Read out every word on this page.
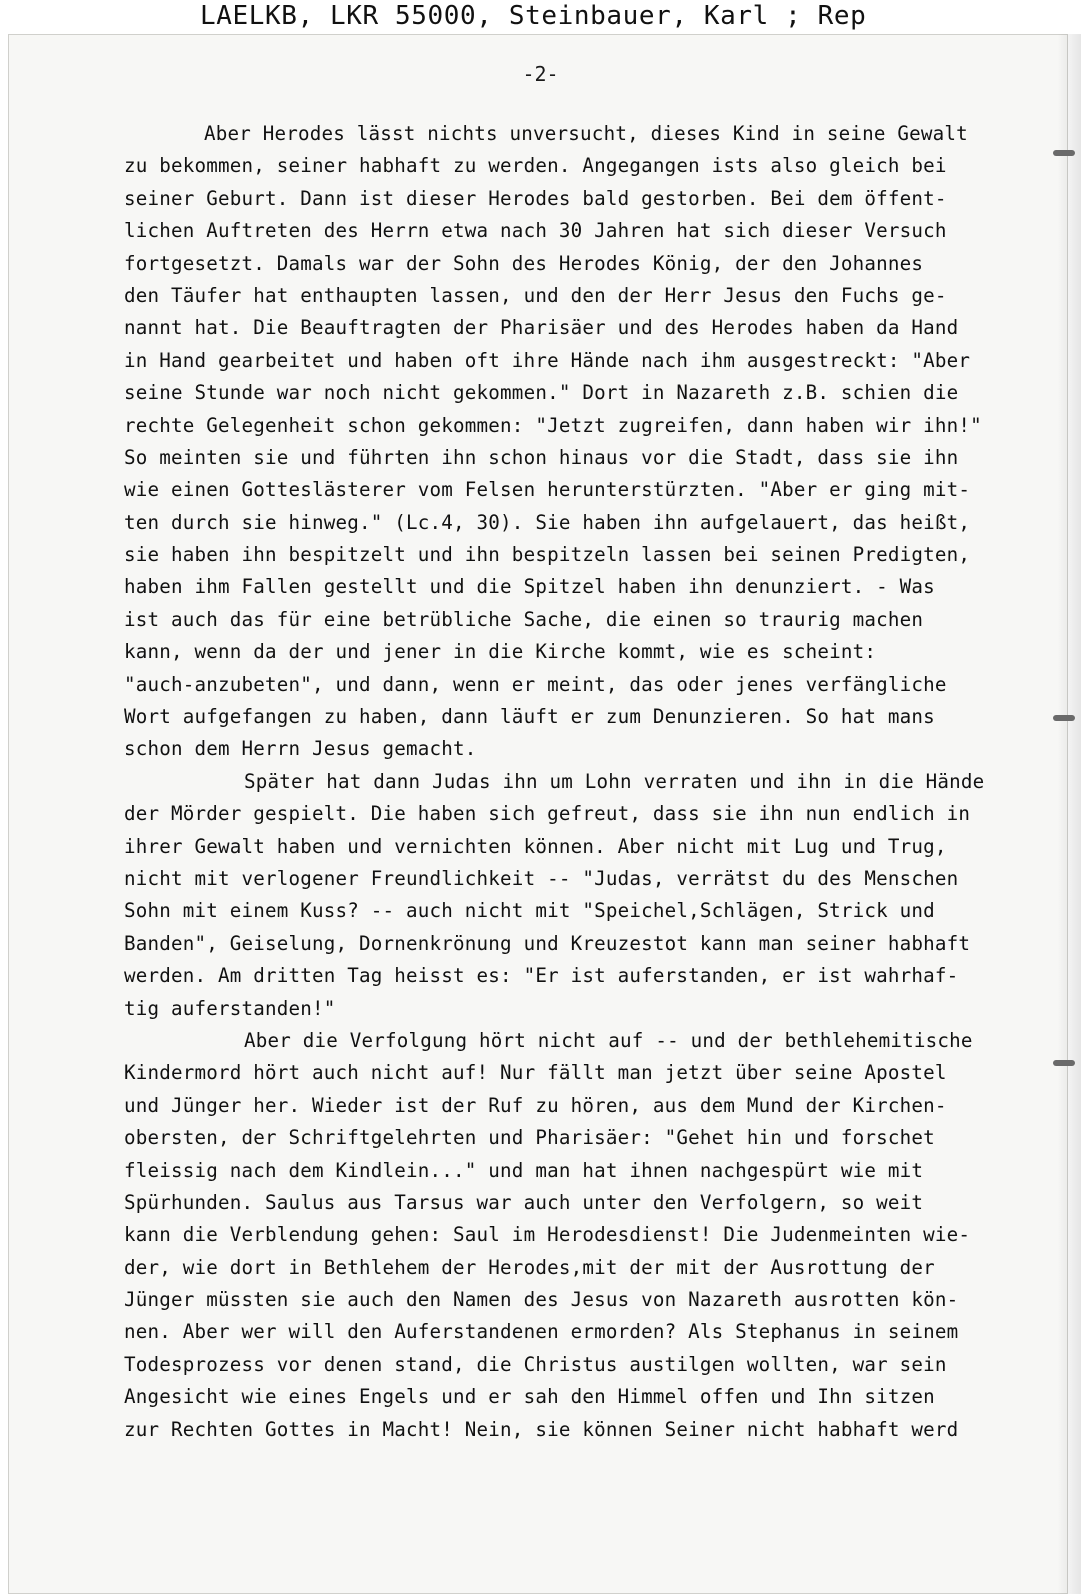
LAELKB, LKR 55000, Steinbauer, Karl ; Rep
-2-
Aber Herodes lässt nichts unversucht, dieses Kind in seine Gewalt
zu bekommen, seiner habhaft zu werden. Angegangen ists also gleich bei
seiner Geburt. Dann ist dieser Herodes bald gestorben. Bei dem öffent-
lichen Auftreten des Herrn etwa nach 30 Jahren hat sich dieser Versuch
fortgesetzt. Damals war der Sohn des Herodes König, der den Johannes
den Täufer hat enthaupten lassen, und den der Herr Jesus den Fuchs ge-
nannt hat. Die Beauftragten der Pharisäer und des Herodes haben da Hand
in Hand gearbeitet und haben oft ihre Hände nach ihm ausgestreckt: "Aber
seine Stunde war noch nicht gekommen." Dort in Nazareth z.B. schien die
rechte Gelegenheit schon gekommen: "Jetzt zugreifen, dann haben wir ihn!"
So meinten sie und führten ihn schon hinaus vor die Stadt, dass sie ihn
wie einen Gotteslästerer vom Felsen herunterstürzten. "Aber er ging mit-
ten durch sie hinweg." (Lc.4, 30). Sie haben ihn aufgelauert, das heißt,
sie haben ihn bespitzelt und ihn bespitzeln lassen bei seinen Predigten,
haben ihm Fallen gestellt und die Spitzel haben ihn denunziert. - Was
ist auch das für eine betrübliche Sache, die einen so traurig machen
kann, wenn da der und jener in die Kirche kommt, wie es scheint:
"auch-anzubeten", und dann, wenn er meint, das oder jenes verfängliche
Wort aufgefangen zu haben, dann läuft er zum Denunzieren. So hat mans
schon dem Herrn Jesus gemacht.
Später hat dann Judas ihn um Lohn verraten und ihn in die Hände
der Mörder gespielt. Die haben sich gefreut, dass sie ihn nun endlich in
ihrer Gewalt haben und vernichten können. Aber nicht mit Lug und Trug,
nicht mit verlogener Freundlichkeit -- "Judas, verrätst du des Menschen
Sohn mit einem Kuss? -- auch nicht mit "Speichel,Schlägen, Strick und
Banden", Geiselung, Dornenkrönung und Kreuzestot kann man seiner habhaft
werden. Am dritten Tag heisst es: "Er ist auferstanden, er ist wahrhaf-
tig auferstanden!"
Aber die Verfolgung hört nicht auf -- und der bethlehemitische
Kindermord hört auch nicht auf! Nur fällt man jetzt über seine Apostel
und Jünger her. Wieder ist der Ruf zu hören, aus dem Mund der Kirchen-
obersten, der Schriftgelehrten und Pharisäer: "Gehet hin und forschet
fleissig nach dem Kindlein..." und man hat ihnen nachgespürt wie mit
Spürhunden. Saulus aus Tarsus war auch unter den Verfolgern, so weit
kann die Verblendung gehen: Saul im Herodesdienst! Die Judenmeinten wie-
der, wie dort in Bethlehem der Herodes,mit der mit der Ausrottung der
Jünger müssten sie auch den Namen des Jesus von Nazareth ausrotten kön-
nen. Aber wer will den Auferstandenen ermorden? Als Stephanus in seinem
Todesprozess vor denen stand, die Christus austilgen wollten, war sein
Angesicht wie eines Engels und er sah den Himmel offen und Ihn sitzen
zur Rechten Gottes in Macht! Nein, sie können Seiner nicht habhaft werd
